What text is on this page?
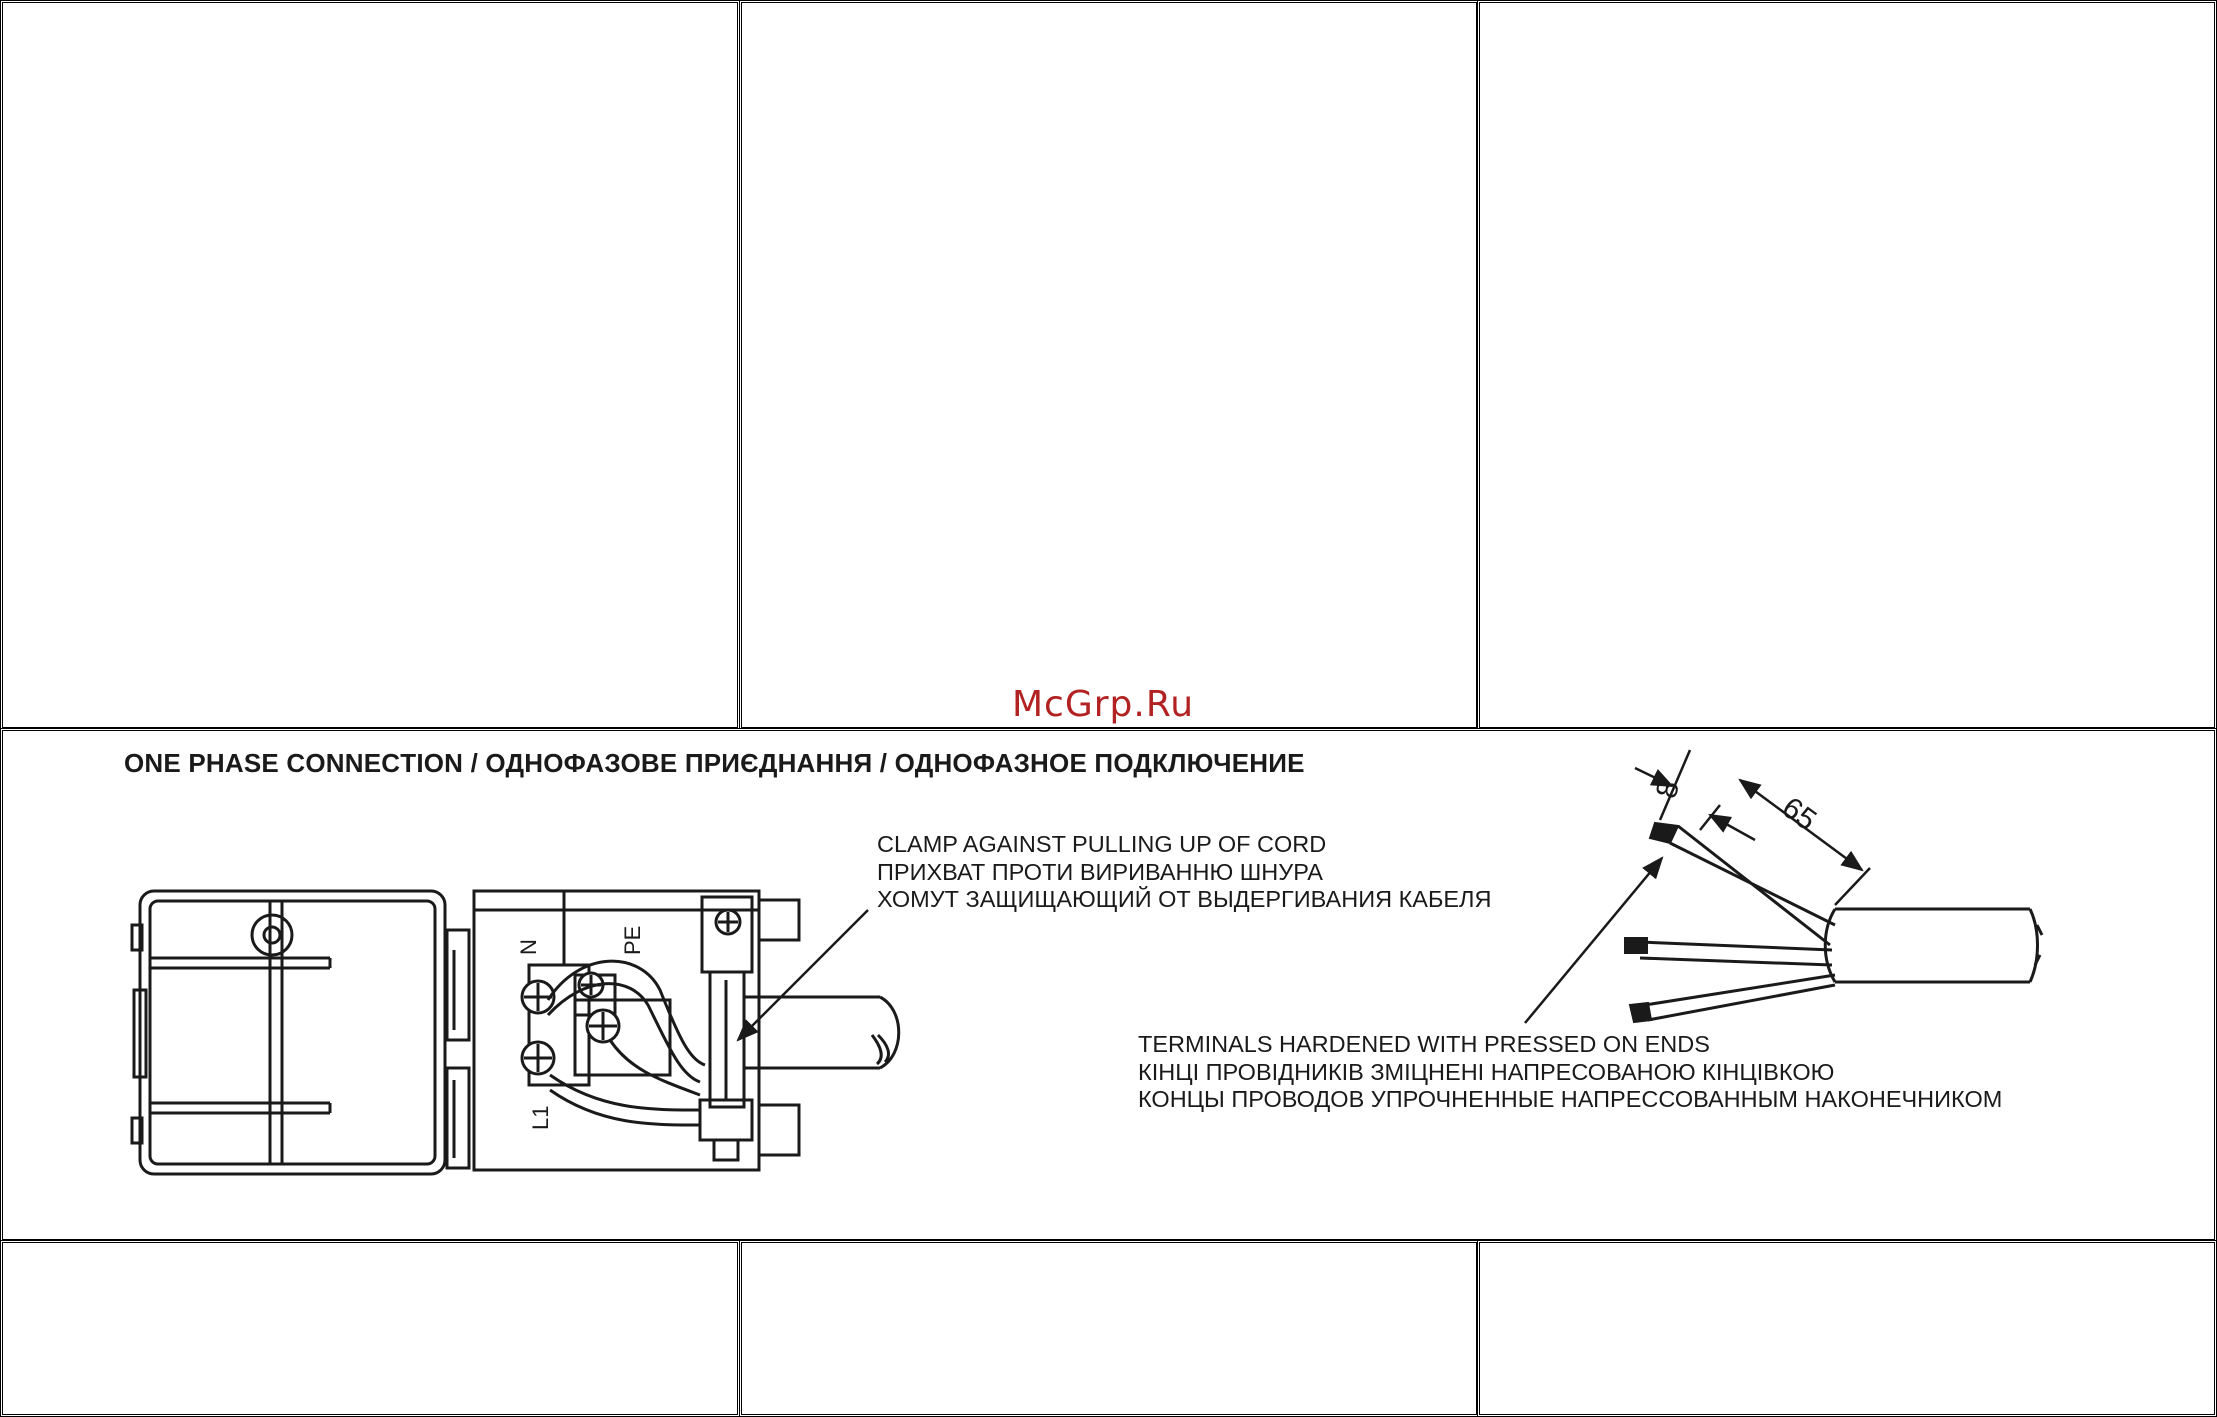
McGrp.Ru
ONE PHASE CONNECTION / ОДНОФАЗОВЕ ПРИЄДНАННЯ / ОДНОФАЗНОЕ ПОДКЛЮЧЕНИЕ
CLAMP AGAINST PULLING UP OF CORD
ПРИХВАТ ПРОТИ ВИРИВАННЮ ШНУРА
ХОМУТ ЗАЩИЩАЮЩИЙ ОТ ВЫДЕРГИВАНИЯ КАБЕЛЯ
TERMINALS HARDENED WITH PRESSED ON ENDS
КІНЦІ ПРОВІДНИКІВ ЗМІЦНЕНІ НАПРЕСОВАНОЮ КІНЦІВКОЮ
КОНЦЫ ПРОВОДОВ УПРОЧНЕННЫЕ НАПРЕССОВАННЫМ НАКОНЕЧНИКОМ
N	PE
L1
8
65
